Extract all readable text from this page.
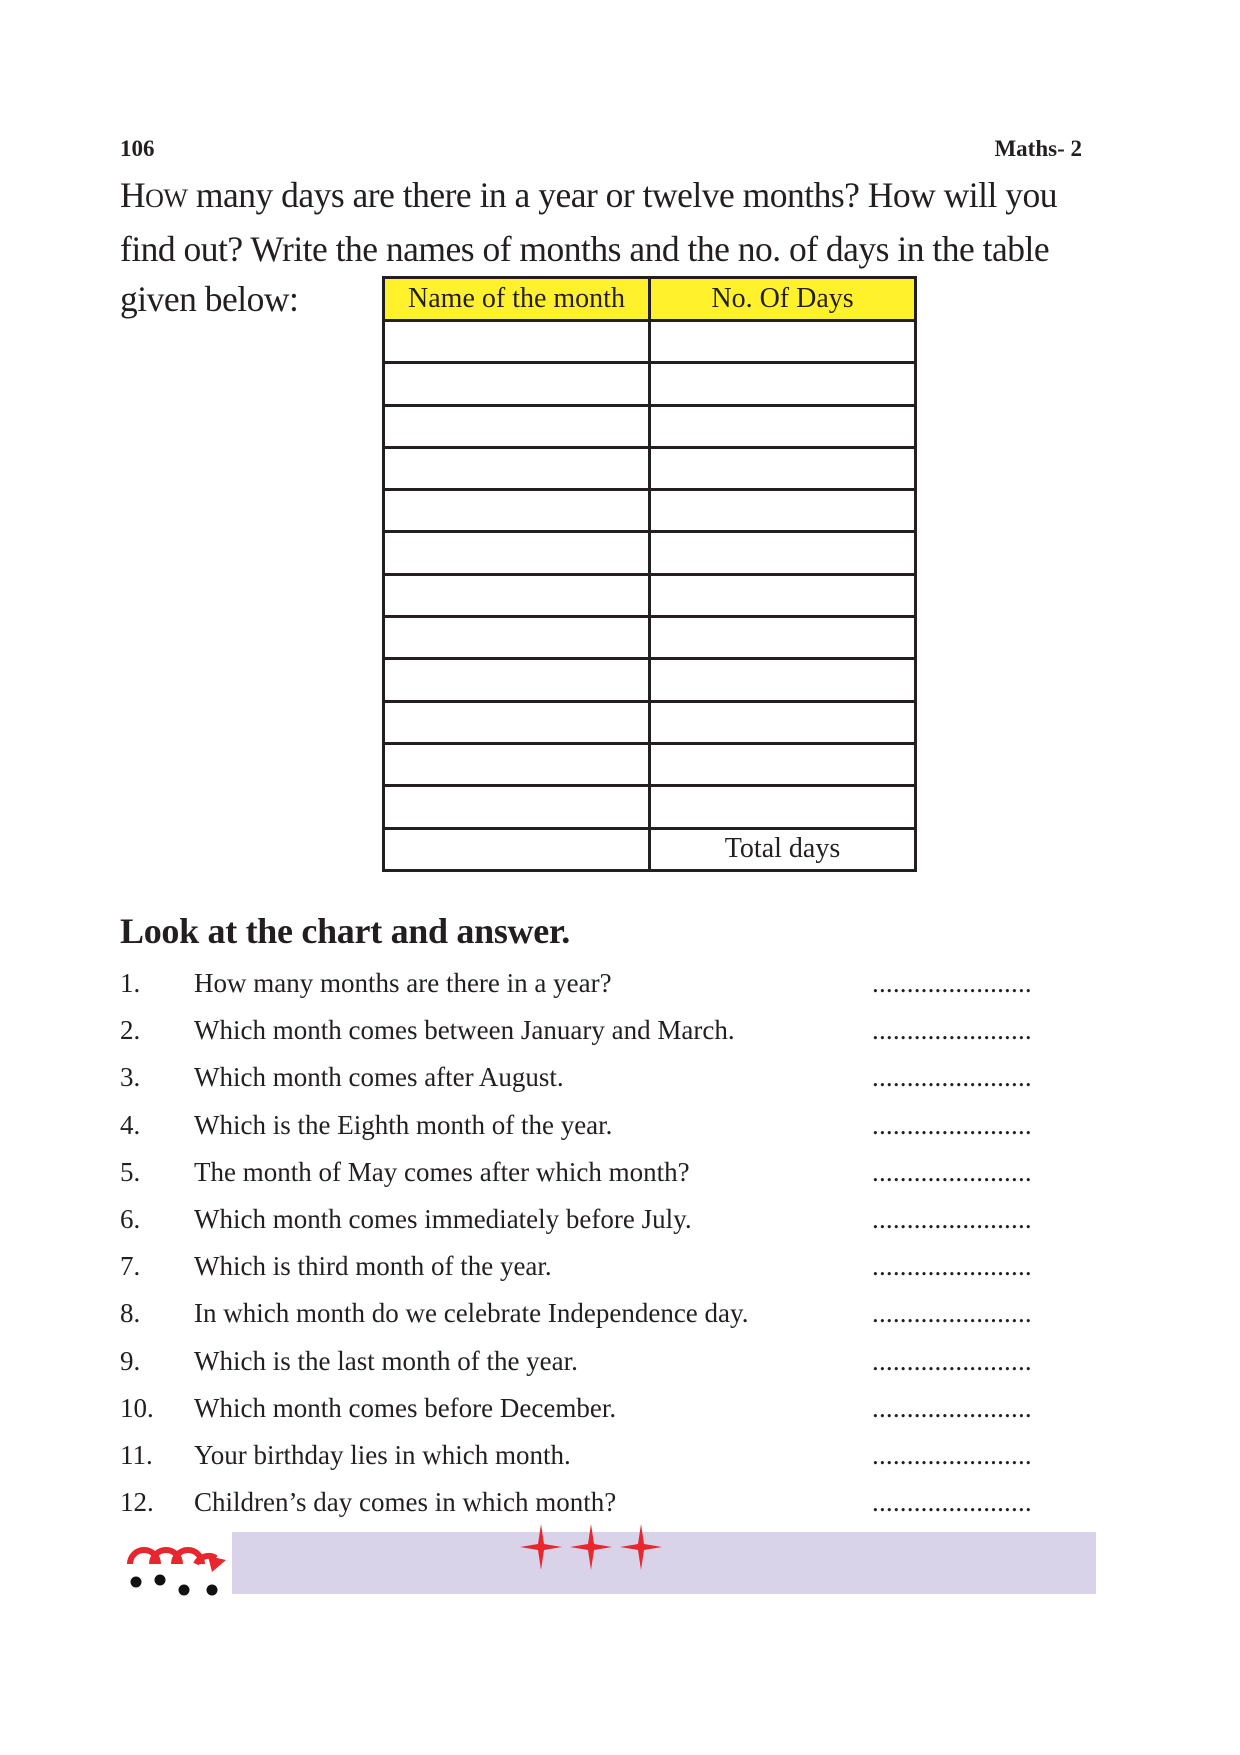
106	Maths- 2
HOW many days are there in a year or twelve months? How will you
find out? Write the names of months and the no. of days in the table
given below:	Name of the month	No. Of Days

	Total days
Look at the chart and answer.
1. How many months are there in a year?	.......................
2. Which month comes between January and March.	.......................
3. Which month comes after August.	.......................
4. Which is the Eighth month of the year.	.......................
5. The month of May comes after which month?	.......................
6. Which month comes immediately before July.	.......................
7. Which is third month of the year.	.......................
8. In which month do we celebrate Independence day.	.......................
9. Which is the last month of the year.	.......................
10. Which month comes before December.	.......................
11. Your birthday lies in which month.	.......................
12. Children’s day comes in which month?	.......................
